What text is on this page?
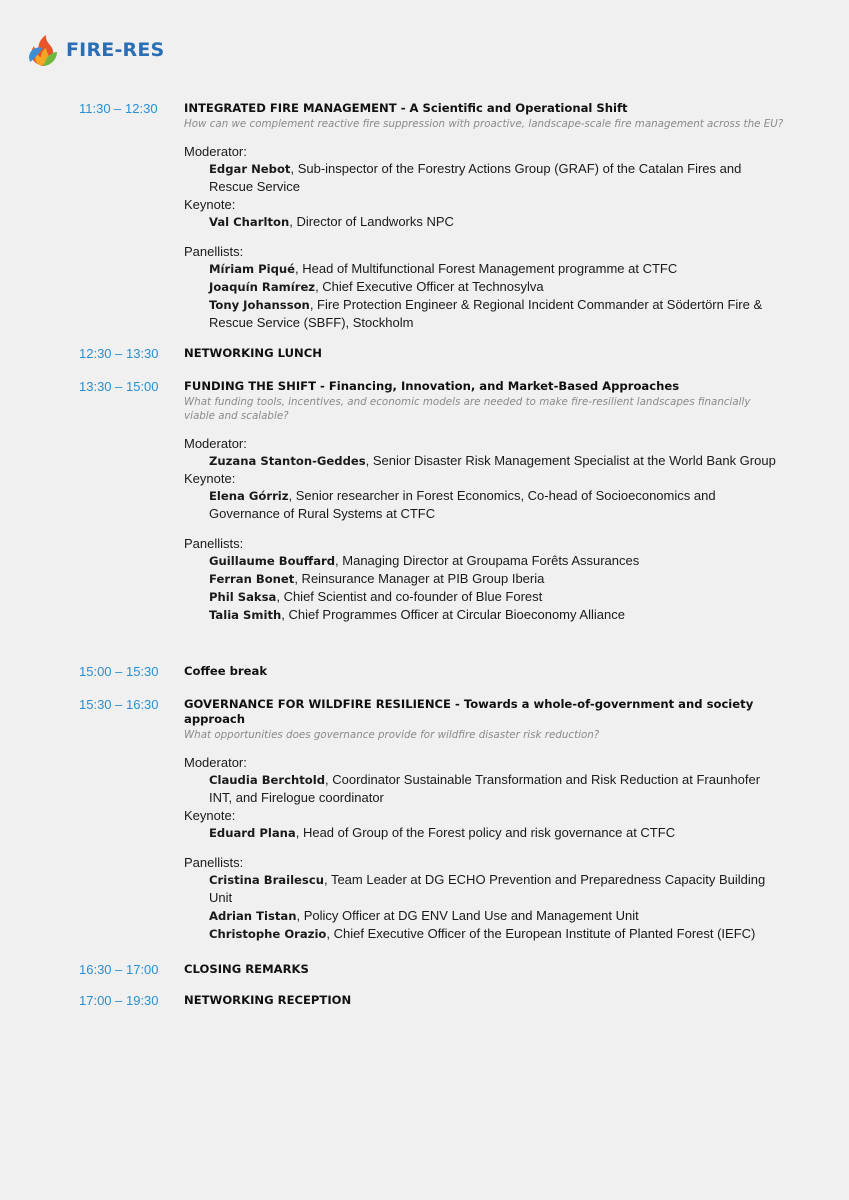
FIRE-RES
11:30 – 12:30 INTEGRATED FIRE MANAGEMENT - A Scientific and Operational Shift
How can we complement reactive fire suppression with proactive, landscape-scale fire management across the EU?
Moderator:
Edgar Nebot, Sub-inspector of the Forestry Actions Group (GRAF) of the Catalan Fires and Rescue Service
Keynote:
Val Charlton, Director of Landworks NPC
Panellists:
Míriam Piqué, Head of Multifunctional Forest Management programme at CTFC
Joaquín Ramírez, Chief Executive Officer at Technosylva
Tony Johansson, Fire Protection Engineer & Regional Incident Commander at Södertörn Fire & Rescue Service (SBFF), Stockholm
12:30 – 13:30 NETWORKING LUNCH
13:30 – 15:00 FUNDING THE SHIFT - Financing, Innovation, and Market-Based Approaches
What funding tools, incentives, and economic models are needed to make fire-resilient landscapes financially viable and scalable?
Moderator:
Zuzana Stanton-Geddes, Senior Disaster Risk Management Specialist at the World Bank Group
Keynote:
Elena Górriz, Senior researcher in Forest Economics, Co-head of Socioeconomics and Governance of Rural Systems at CTFC
Panellists:
Guillaume Bouffard, Managing Director at Groupama Forêts Assurances
Ferran Bonet, Reinsurance Manager at PIB Group Iberia
Phil Saksa, Chief Scientist and co-founder of Blue Forest
Talia Smith, Chief Programmes Officer at Circular Bioeconomy Alliance
15:00 – 15:30 Coffee break
15:30 – 16:30 GOVERNANCE FOR WILDFIRE RESILIENCE - Towards a whole-of-government and society approach
What opportunities does governance provide for wildfire disaster risk reduction?
Moderator:
Claudia Berchtold, Coordinator Sustainable Transformation and Risk Reduction at Fraunhofer INT, and Firelogue coordinator
Keynote:
Eduard Plana, Head of Group of the Forest policy and risk governance at CTFC
Panellists:
Cristina Brailescu, Team Leader at DG ECHO Prevention and Preparedness Capacity Building Unit
Adrian Tistan, Policy Officer at DG ENV Land Use and Management Unit
Christophe Orazio, Chief Executive Officer of the European Institute of Planted Forest (IEFC)
16:30 – 17:00 CLOSING REMARKS
17:00 – 19:30 NETWORKING RECEPTION
